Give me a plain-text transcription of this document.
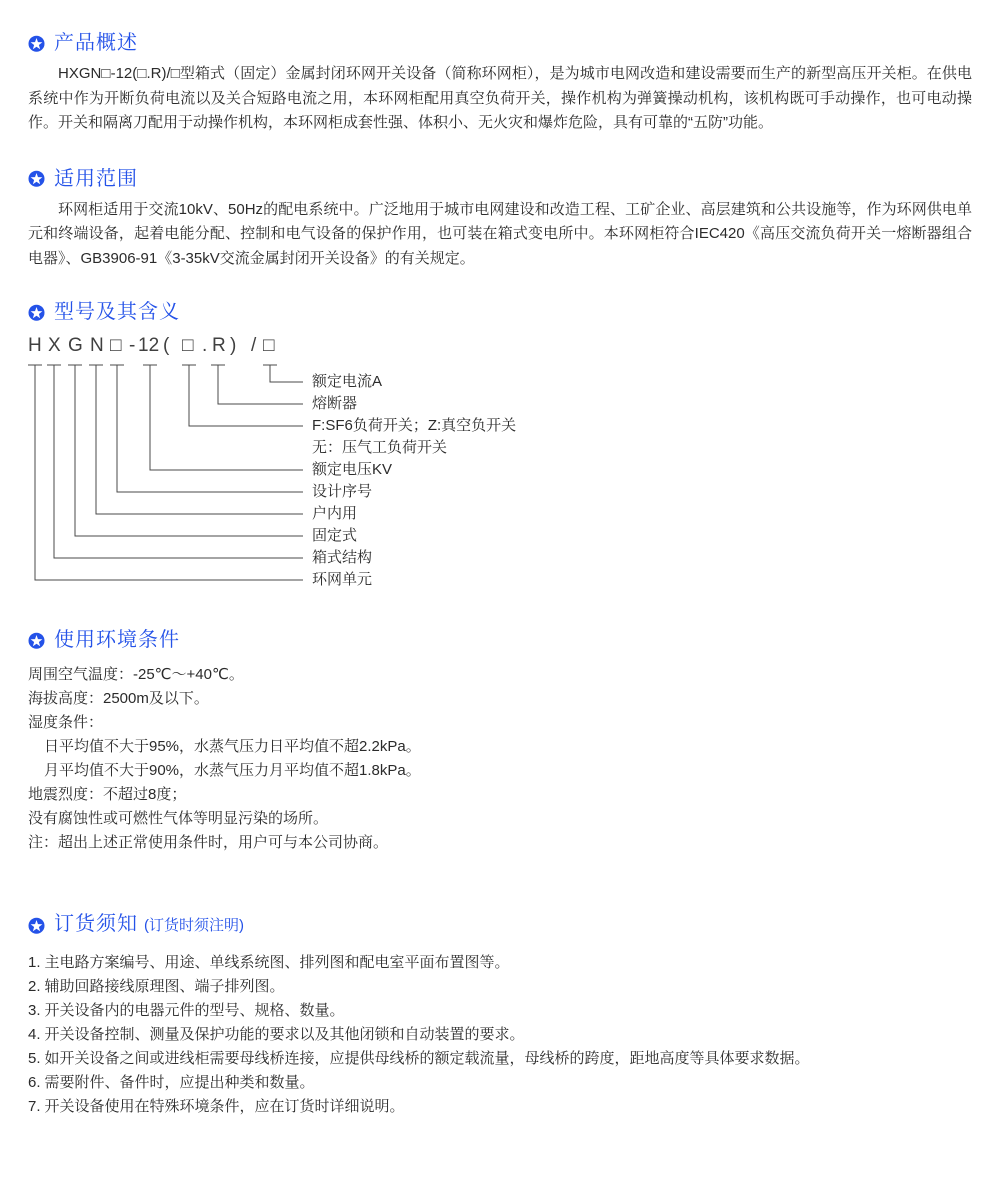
产品概述

HXGN□-12(□.R)/□型箱式（固定）金属封闭环网开关设备（简称环网柜），是为城市电网改造和建设需要而生产的新型高压开关柜。在供电系统中作为开断负荷电流以及关合短路电流之用，本环网柜配用真空负荷开关，操作机构为弹簧操动机构，该机构既可手动操作，也可电动操作。开关和隔离刀配用于动操作机构，本环网柜成套性强、体积小、无火灾和爆炸危险，具有可靠的“五防”功能。

适用范围

环网柜适用于交流10kV、50Hz的配电系统中。广泛地用于城市电网建设和改造工程、工矿企业、高层建筑和公共设施等，作为环网供电单元和终端设备，起着电能分配、控制和电气设备的保护作用，也可装在箱式变电所中。本环网柜符合IEC420《高压交流负荷开关一熔断器组合电器》、GB3906-91《3-35kV交流金属封闭开关设备》的有关规定。

型号及其含义
H X G N □ - 12 ( □ . R ) / □
额定电流A
熔断器
F:SF6负荷开关；Z:真空负开关
无：压气工负荷开关
额定电压KV
设计序号
户内用
固定式
箱式结构
环网单元
使用环境条件
周围空气温度：-25℃～+40℃。
海拔高度：2500m及以下。
湿度条件：
日平均值不大于95%，水蒸气压力日平均值不超2.2kPa。
月平均值不大于90%，水蒸气压力月平均值不超1.8kPa。
地震烈度：不超过8度；
没有腐蚀性或可燃性气体等明显污染的场所。
注：超出上述正常使用条件时，用户可与本公司协商。
订货须知 (订货时须注明)
1. 主电路方案编号、用途、单线系统图、排列图和配电室平面布置图等。
2. 辅助回路接线原理图、端子排列图。
3. 开关设备内的电器元件的型号、规格、数量。
4. 开关设备控制、测量及保护功能的要求以及其他闭锁和自动装置的要求。
5. 如开关设备之间或进线柜需要母线桥连接，应提供母线桥的额定载流量，母线桥的跨度，距地高度等具体要求数据。
6. 需要附件、备件时，应提出种类和数量。
7. 开关设备使用在特殊环境条件，应在订货时详细说明。
